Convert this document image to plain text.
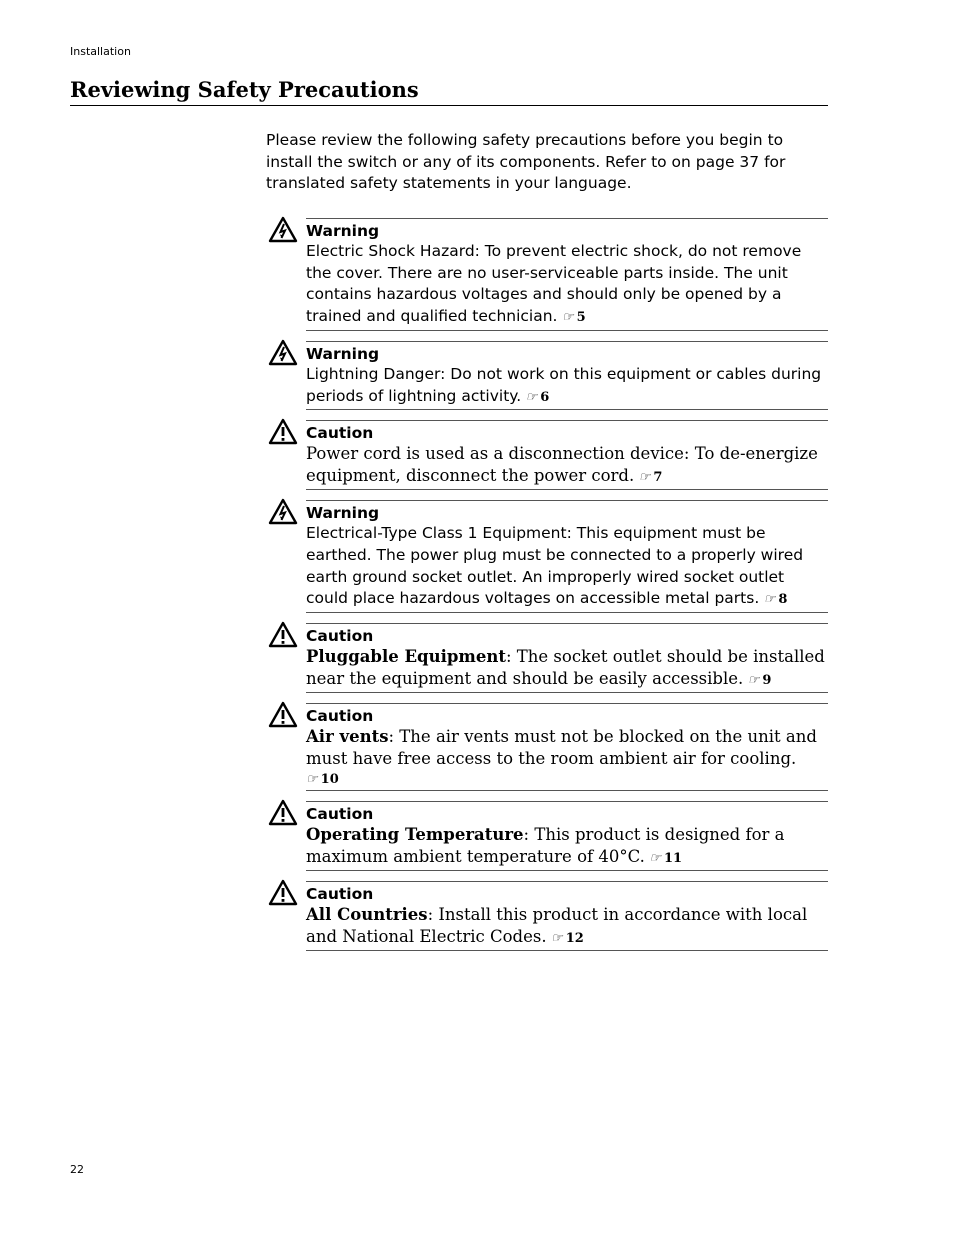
Installation
Reviewing Safety Precautions

Please review the following safety precautions before you begin to install the switch or any of its components. Refer to on page 37 for translated safety statements in your language.

Warning
Electric Shock Hazard: To prevent electric shock, do not remove the cover. There are no user-serviceable parts inside. The unit contains hazardous voltages and should only be opened by a trained and qualified technician. ☞ 5
Warning
Lightning Danger: Do not work on this equipment or cables during periods of lightning activity. ☞ 6
Caution
Power cord is used as a disconnection device: To de-energize equipment, disconnect the power cord. ☞ 7
Warning
Electrical-Type Class 1 Equipment: This equipment must be earthed. The power plug must be connected to a properly wired earth ground socket outlet. An improperly wired socket outlet could place hazardous voltages on accessible metal parts. ☞ 8
Caution
Pluggable Equipment: The socket outlet should be installed near the equipment and should be easily accessible. ☞ 9
Caution
Air vents: The air vents must not be blocked on the unit and must have free access to the room ambient air for cooling. ☞ 10
Caution
Operating Temperature: This product is designed for a maximum ambient temperature of 40°C. ☞ 11
Caution
All Countries: Install this product in accordance with local and National Electric Codes. ☞ 12
22
